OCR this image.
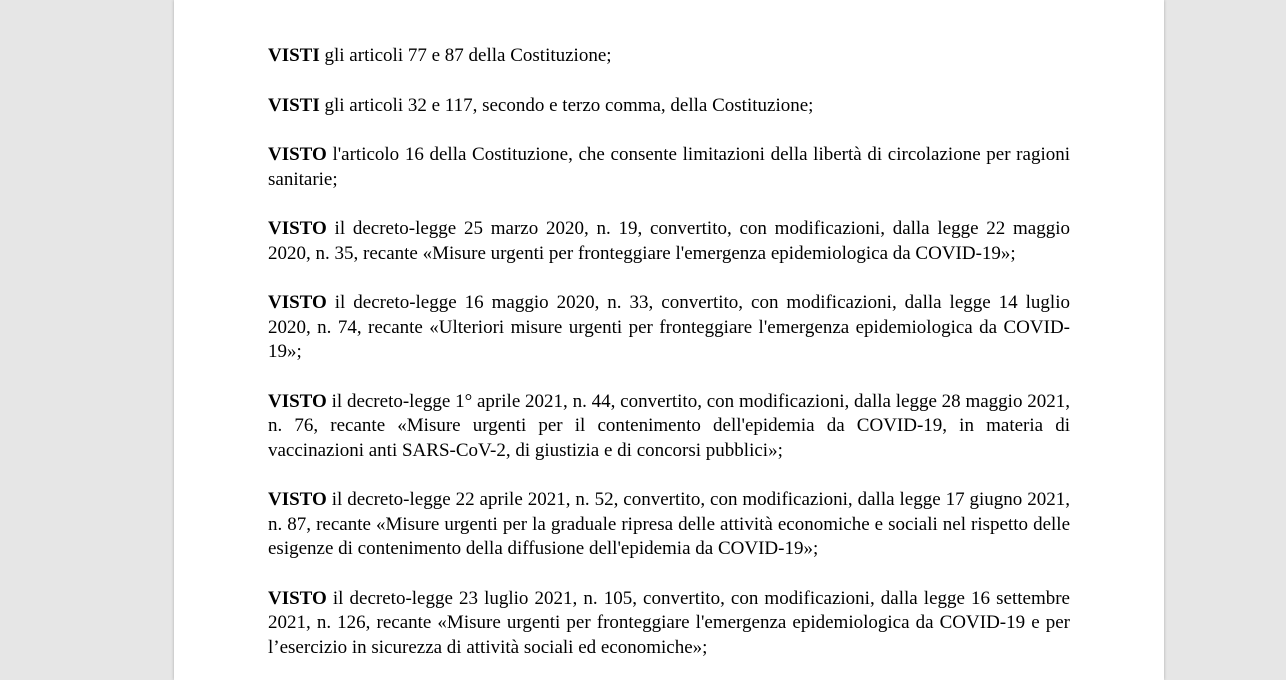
VISTI gli articoli 77 e 87 della Costituzione;

VISTI gli articoli 32 e 117, secondo e terzo comma, della Costituzione;

VISTO l'articolo 16 della Costituzione, che consente limitazioni della libertà di circolazione per ragioni sanitarie;

VISTO il decreto-legge 25 marzo 2020, n. 19, convertito, con modificazioni, dalla legge 22 maggio 2020, n. 35, recante «Misure urgenti per fronteggiare l'emergenza epidemiologica da COVID-19»;

VISTO il decreto-legge 16 maggio 2020, n. 33, convertito, con modificazioni, dalla legge 14 luglio 2020, n. 74, recante «Ulteriori misure urgenti per fronteggiare l'emergenza epidemiologica da COVID-19»;

VISTO il decreto-legge 1° aprile 2021, n. 44, convertito, con modificazioni, dalla legge 28 maggio 2021, n. 76, recante «Misure urgenti per il contenimento dell'epidemia da COVID-19, in materia di vaccinazioni anti SARS-CoV-2, di giustizia e di concorsi pubblici»;

VISTO il decreto-legge 22 aprile 2021, n. 52, convertito, con modificazioni, dalla legge 17 giugno 2021, n. 87, recante «Misure urgenti per la graduale ripresa delle attività economiche e sociali nel rispetto delle esigenze di contenimento della diffusione dell'epidemia da COVID-19»;

VISTO il decreto-legge 23 luglio 2021, n. 105, convertito, con modificazioni, dalla legge 16 settembre 2021, n. 126, recante «Misure urgenti per fronteggiare l'emergenza epidemiologica da COVID-19 e per l’esercizio in sicurezza di attività sociali ed economiche»;
